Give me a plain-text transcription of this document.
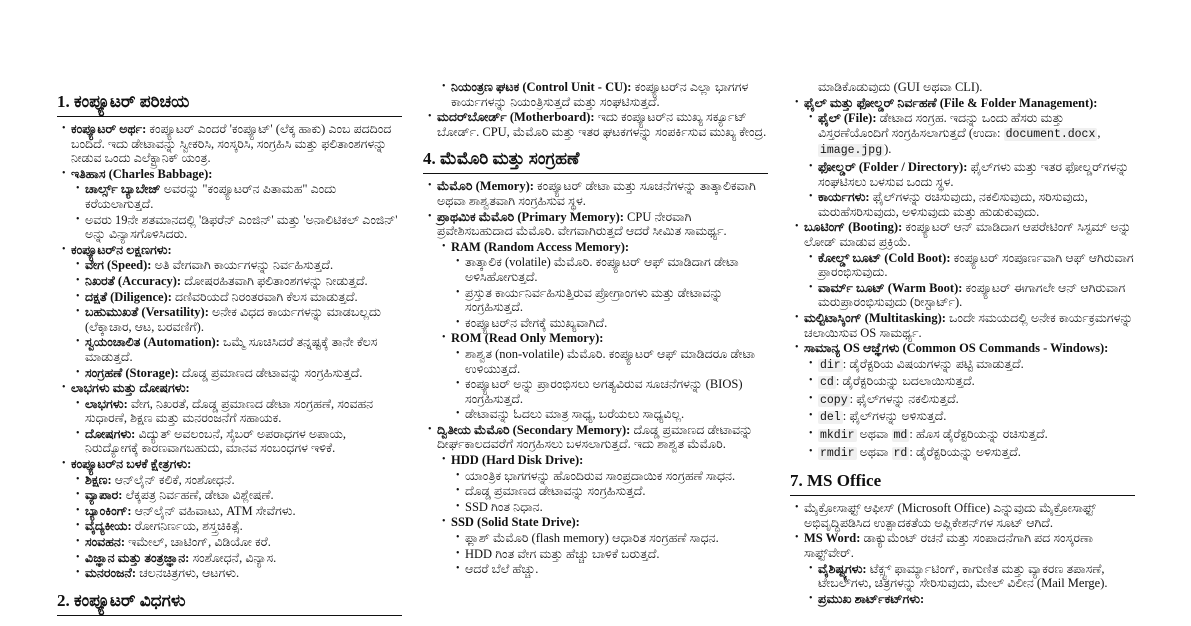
1. ಕಂಪ್ಯೂಟರ್ ಪರಿಚಯ
• ಕಂಪ್ಯೂಟರ್ ಅರ್ಥ: ಕಂಪ್ಯೂಟರ್ ಎಂದರೆ 'ಕಂಪ್ಯೂಟ್' (ಲೆಕ್ಕ ಹಾಕು) ಎಂಬ ಪದದಿಂದ ಬಂದಿದೆ. ಇದು ಡೇಟಾವನ್ನು ಸ್ವೀಕರಿಸಿ, ಸಂಸ್ಕರಿಸಿ, ಸಂಗ್ರಹಿಸಿ ಮತ್ತು ಫಲಿತಾಂಶಗಳನ್ನು ನೀಡುವ ಒಂದು ಎಲೆಕ್ಟ್ರಾನಿಕ್ ಯಂತ್ರ.
• ಇತಿಹಾಸ (Charles Babbage):
• ಚಾರ್ಲ್ಸ್ ಬ್ಯಾಬೇಜ್ ಅವರನ್ನು "ಕಂಪ್ಯೂಟರ್‌ನ ಪಿತಾಮಹ" ಎಂದು ಕರೆಯಲಾಗುತ್ತದೆ.
• ಅವರು 19ನೇ ಶತಮಾನದಲ್ಲಿ 'ಡಿಫರೆನ್ ಎಂಜಿನ್' ಮತ್ತು 'ಅನಾಲಿಟಿಕಲ್ ಎಂಜಿನ್' ಅನ್ನು ವಿನ್ಯಾಸಗೊಳಿಸಿದರು.
• ಕಂಪ್ಯೂಟರ್‌ನ ಲಕ್ಷಣಗಳು:
• ವೇಗ (Speed): ಅತಿ ವೇಗವಾಗಿ ಕಾರ್ಯಗಳನ್ನು ನಿರ್ವಹಿಸುತ್ತದೆ.
• ನಿಖರತೆ (Accuracy): ದೋಷರಹಿತವಾಗಿ ಫಲಿತಾಂಶಗಳನ್ನು ನೀಡುತ್ತದೆ.
• ದಕ್ಷತೆ (Diligence): ದಣಿವರಿಯದೆ ನಿರಂತರವಾಗಿ ಕೆಲಸ ಮಾಡುತ್ತದೆ.
• ಬಹುಮುಖತೆ (Versatility): ಅನೇಕ ವಿಧದ ಕಾರ್ಯಗಳನ್ನು ಮಾಡಬಲ್ಲದು (ಲೆಕ್ಕಾಚಾರ, ಆಟ, ಬರವಣಿಗೆ).
• ಸ್ವಯಂಚಾಲಿತ (Automation): ಒಮ್ಮೆ ಸೂಚಿಸಿದರೆ ತನ್ನಷ್ಟಕ್ಕೆ ತಾನೇ ಕೆಲಸ ಮಾಡುತ್ತದೆ.
• ಸಂಗ್ರಹಣೆ (Storage): ದೊಡ್ಡ ಪ್ರಮಾಣದ ಡೇಟಾವನ್ನು ಸಂಗ್ರಹಿಸುತ್ತದೆ.
• ಲಾಭಗಳು ಮತ್ತು ದೋಷಗಳು:
• ಲಾಭಗಳು: ವೇಗ, ನಿಖರತೆ, ದೊಡ್ಡ ಪ್ರಮಾಣದ ಡೇಟಾ ಸಂಗ್ರಹಣೆ, ಸಂವಹನ ಸುಧಾರಣೆ, ಶಿಕ್ಷಣ ಮತ್ತು ಮನರಂಜನೆಗೆ ಸಹಾಯಕ.
• ದೋಷಗಳು: ವಿದ್ಯುತ್ ಅವಲಂಬನೆ, ಸೈಬರ್ ಅಪರಾಧಗಳ ಅಪಾಯ, ನಿರುದ್ಯೋಗಕ್ಕೆ ಕಾರಣವಾಗಬಹುದು, ಮಾನವ ಸಂಬಂಧಗಳ ಇಳಿಕೆ.
• ಕಂಪ್ಯೂಟರ್‌ನ ಬಳಕೆ ಕ್ಷೇತ್ರಗಳು:
• ಶಿಕ್ಷಣ: ಆನ್‌ಲೈನ್ ಕಲಿಕೆ, ಸಂಶೋಧನೆ.
• ವ್ಯಾಪಾರ: ಲೆಕ್ಕಪತ್ರ ನಿರ್ವಹಣೆ, ಡೇಟಾ ವಿಶ್ಲೇಷಣೆ.
• ಬ್ಯಾಂಕಿಂಗ್: ಆನ್‌ಲೈನ್ ವಹಿವಾಟು, ATM ಸೇವೆಗಳು.
• ವೈದ್ಯಕೀಯ: ರೋಗನಿರ್ಣಯ, ಶಸ್ತ್ರಚಿಕಿತ್ಸೆ.
• ಸಂವಹನ: ಇಮೇಲ್, ಚಾಟಿಂಗ್, ವಿಡಿಯೋ ಕರೆ.
• ವಿಜ್ಞಾನ ಮತ್ತು ತಂತ್ರಜ್ಞಾನ: ಸಂಶೋಧನೆ, ವಿನ್ಯಾಸ.
• ಮನರಂಜನೆ: ಚಲನಚಿತ್ರಗಳು, ಆಟಗಳು.
2. ಕಂಪ್ಯೂಟರ್ ವಿಧಗಳು
• ನಿಯಂತ್ರಣ ಘಟಕ (Control Unit - CU): ಕಂಪ್ಯೂಟರ್‌ನ ಎಲ್ಲಾ ಭಾಗಗಳ ಕಾರ್ಯಗಳನ್ನು ನಿಯಂತ್ರಿಸುತ್ತದೆ ಮತ್ತು ಸಂಘಟಿಸುತ್ತದೆ.
• ಮದರ್‌ಬೋರ್ಡ್ (Motherboard): ಇದು ಕಂಪ್ಯೂಟರ್‌ನ ಮುಖ್ಯ ಸರ್ಕ್ಯೂಟ್ ಬೋರ್ಡ್. CPU, ಮೆಮೊರಿ ಮತ್ತು ಇತರ ಘಟಕಗಳನ್ನು ಸಂಪರ್ಕಿಸುವ ಮುಖ್ಯ ಕೇಂದ್ರ.
4. ಮೆಮೊರಿ ಮತ್ತು ಸಂಗ್ರಹಣೆ
• ಮೆಮೊರಿ (Memory): ಕಂಪ್ಯೂಟರ್ ಡೇಟಾ ಮತ್ತು ಸೂಚನೆಗಳನ್ನು ತಾತ್ಕಾಲಿಕವಾಗಿ ಅಥವಾ ಶಾಶ್ವತವಾಗಿ ಸಂಗ್ರಹಿಸುವ ಸ್ಥಳ.
• ಪ್ರಾಥಮಿಕ ಮೆಮೊರಿ (Primary Memory): CPU ನೇರವಾಗಿ ಪ್ರವೇಶಿಸಬಹುದಾದ ಮೆಮೊರಿ. ವೇಗವಾಗಿರುತ್ತದೆ ಆದರೆ ಸೀಮಿತ ಸಾಮರ್ಥ್ಯ.
• RAM (Random Access Memory):
• ತಾತ್ಕಾಲಿಕ (volatile) ಮೆಮೊರಿ. ಕಂಪ್ಯೂಟರ್ ಆಫ್ ಮಾಡಿದಾಗ ಡೇಟಾ ಅಳಿಸಿಹೋಗುತ್ತದೆ.
• ಪ್ರಸ್ತುತ ಕಾರ್ಯನಿರ್ವಹಿಸುತ್ತಿರುವ ಪ್ರೋಗ್ರಾಂಗಳು ಮತ್ತು ಡೇಟಾವನ್ನು ಸಂಗ್ರಹಿಸುತ್ತದೆ.
• ಕಂಪ್ಯೂಟರ್‌ನ ವೇಗಕ್ಕೆ ಮುಖ್ಯವಾಗಿದೆ.
• ROM (Read Only Memory):
• ಶಾಶ್ವತ (non-volatile) ಮೆಮೊರಿ. ಕಂಪ್ಯೂಟರ್ ಆಫ್ ಮಾಡಿದರೂ ಡೇಟಾ ಉಳಿಯುತ್ತದೆ.
• ಕಂಪ್ಯೂಟರ್ ಅನ್ನು ಪ್ರಾರಂಭಿಸಲು ಅಗತ್ಯವಿರುವ ಸೂಚನೆಗಳನ್ನು (BIOS) ಸಂಗ್ರಹಿಸುತ್ತದೆ.
• ಡೇಟಾವನ್ನು ಓದಲು ಮಾತ್ರ ಸಾಧ್ಯ, ಬರೆಯಲು ಸಾಧ್ಯವಿಲ್ಲ.
• ದ್ವಿತೀಯ ಮೆಮೊರಿ (Secondary Memory): ದೊಡ್ಡ ಪ್ರಮಾಣದ ಡೇಟಾವನ್ನು ದೀರ್ಘಕಾಲದವರೆಗೆ ಸಂಗ್ರಹಿಸಲು ಬಳಸಲಾಗುತ್ತದೆ. ಇದು ಶಾಶ್ವತ ಮೆಮೊರಿ.
• HDD (Hard Disk Drive):
• ಯಾಂತ್ರಿಕ ಭಾಗಗಳನ್ನು ಹೊಂದಿರುವ ಸಾಂಪ್ರದಾಯಿಕ ಸಂಗ್ರಹಣೆ ಸಾಧನ.
• ದೊಡ್ಡ ಪ್ರಮಾಣದ ಡೇಟಾವನ್ನು ಸಂಗ್ರಹಿಸುತ್ತದೆ.
• SSD ಗಿಂತ ನಿಧಾನ.
• SSD (Solid State Drive):
• ಫ್ಲಾಶ್ ಮೆಮೊರಿ (flash memory) ಆಧಾರಿತ ಸಂಗ್ರಹಣೆ ಸಾಧನ.
• HDD ಗಿಂತ ವೇಗ ಮತ್ತು ಹೆಚ್ಚು ಬಾಳಿಕೆ ಬರುತ್ತದೆ.
• ಆದರೆ ಬೆಲೆ ಹೆಚ್ಚು.
ಮಾಡಿಕೊಡುವುದು (GUI ಅಥವಾ CLI).
• ಫೈಲ್ ಮತ್ತು ಫೋಲ್ಡರ್ ನಿರ್ವಹಣೆ (File & Folder Management):
• ಫೈಲ್ (File): ಡೇಟಾದ ಸಂಗ್ರಹ. ಇದನ್ನು ಒಂದು ಹೆಸರು ಮತ್ತು ವಿಸ್ತರಣೆಯೊಂದಿಗೆ ಸಂಗ್ರಹಿಸಲಾಗುತ್ತದೆ (ಉದಾ: document.docx , image.jpg ).
• ಫೋಲ್ಡರ್ (Folder / Directory): ಫೈಲ್‌ಗಳು ಮತ್ತು ಇತರ ಫೋಲ್ಡರ್‌ಗಳನ್ನು ಸಂಘಟಿಸಲು ಬಳಸುವ ಒಂದು ಸ್ಥಳ.
• ಕಾರ್ಯಗಳು: ಫೈಲ್‌ಗಳನ್ನು ರಚಿಸುವುದು, ನಕಲಿಸುವುದು, ಸರಿಸುವುದು, ಮರುಹೆಸರಿಸುವುದು, ಅಳಿಸುವುದು ಮತ್ತು ಹುಡುಕುವುದು.
• ಬೂಟಿಂಗ್ (Booting): ಕಂಪ್ಯೂಟರ್ ಆನ್ ಮಾಡಿದಾಗ ಆಪರೇಟಿಂಗ್ ಸಿಸ್ಟಮ್ ಅನ್ನು ಲೋಡ್ ಮಾಡುವ ಪ್ರಕ್ರಿಯೆ.
• ಕೋಲ್ಡ್ ಬೂಟ್ (Cold Boot): ಕಂಪ್ಯೂಟರ್ ಸಂಪೂರ್ಣವಾಗಿ ಆಫ್ ಆಗಿರುವಾಗ ಪ್ರಾರಂಭಿಸುವುದು.
• ವಾರ್ಮ್ ಬೂಟ್ (Warm Boot): ಕಂಪ್ಯೂಟರ್ ಈಗಾಗಲೇ ಆನ್ ಆಗಿರುವಾಗ ಮರುಪ್ರಾರಂಭಿಸುವುದು (ರೀಸ್ಟಾರ್ಟ್).
• ಮಲ್ಟಿಟಾಸ್ಕಿಂಗ್ (Multitasking): ಒಂದೇ ಸಮಯದಲ್ಲಿ ಅನೇಕ ಕಾರ್ಯಕ್ರಮಗಳನ್ನು ಚಲಾಯಿಸುವ OS ಸಾಮರ್ಥ್ಯ.
• ಸಾಮಾನ್ಯ OS ಆಜ್ಞೆಗಳು (Common OS Commands - Windows):
• dir : ಡೈರೆಕ್ಟರಿಯ ವಿಷಯಗಳನ್ನು ಪಟ್ಟಿ ಮಾಡುತ್ತದೆ.
• cd : ಡೈರೆಕ್ಟರಿಯನ್ನು ಬದಲಾಯಿಸುತ್ತದೆ.
• copy : ಫೈಲ್‌ಗಳನ್ನು ನಕಲಿಸುತ್ತದೆ.
• del : ಫೈಲ್‌ಗಳನ್ನು ಅಳಿಸುತ್ತದೆ.
• mkdir ಅಥವಾ md : ಹೊಸ ಡೈರೆಕ್ಟರಿಯನ್ನು ರಚಿಸುತ್ತದೆ.
• rmdir ಅಥವಾ rd : ಡೈರೆಕ್ಟರಿಯನ್ನು ಅಳಿಸುತ್ತದೆ.
7. MS Office
• ಮೈಕ್ರೋಸಾಫ್ಟ್ ಆಫೀಸ್ (Microsoft Office) ಎನ್ನುವುದು ಮೈಕ್ರೋಸಾಫ್ಟ್ ಅಭಿವೃದ್ಧಿಪಡಿಸಿದ ಉತ್ಪಾದಕತೆಯ ಅಪ್ಲಿಕೇಶನ್‌ಗಳ ಸೂಟ್ ಆಗಿದೆ.
• MS Word: ಡಾಕ್ಯುಮೆಂಟ್ ರಚನೆ ಮತ್ತು ಸಂಪಾದನೆಗಾಗಿ ಪದ ಸಂಸ್ಕರಣಾ ಸಾಫ್ಟ್‌ವೇರ್.
• ವೈಶಿಷ್ಟ್ಯಗಳು: ಟೆಕ್ಸ್ಟ್ ಫಾರ್ಮ್ಯಾಟಿಂಗ್, ಕಾಗುಣಿತ ಮತ್ತು ವ್ಯಾಕರಣ ತಪಾಸಣೆ, ಟೇಬಲ್‌ಗಳು, ಚಿತ್ರಗಳನ್ನು ಸೇರಿಸುವುದು, ಮೇಲ್ ವಿಲೀನ (Mail Merge).
• ಪ್ರಮುಖ ಶಾರ್ಟ್‌ಕಟ್‌ಗಳು:
